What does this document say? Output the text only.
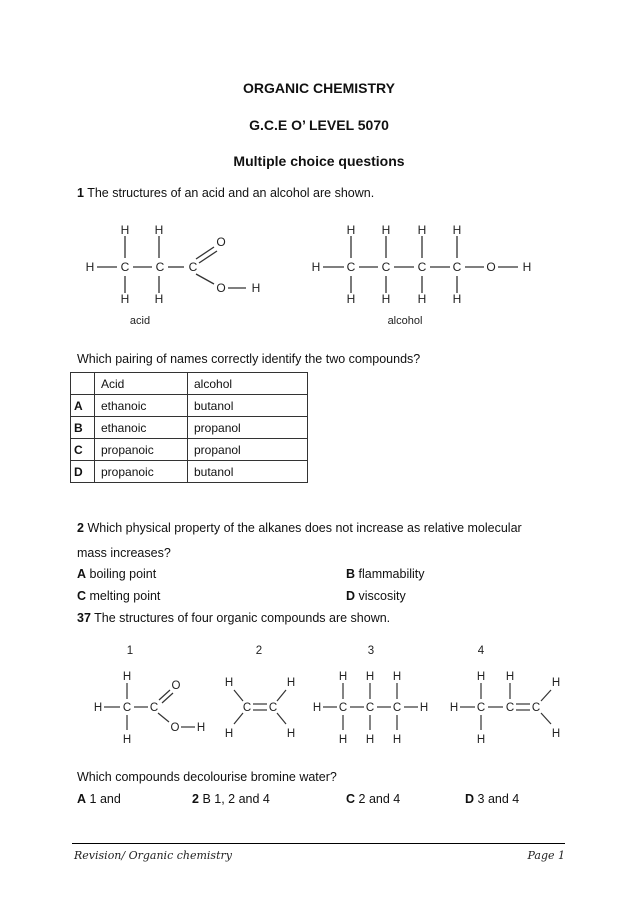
ORGANIC CHEMISTRY
G.C.E O’ LEVEL 5070
Multiple choice questions
1 The structures of an acid and an alcohol are shown.
H H
O
H C C C
O H
H H
acid
H H H H
H C C C C O H
H H H H
alcohol
Which pairing of names correctly identify the two compounds?
	Acid	alcohol
A	ethanoic	butanol
B	ethanoic	propanol
C	propanoic	propanol
D	propanoic	butanol
2 Which physical property of the alkanes does not increase as relative molecular
mass increases?
A boiling point	B flammability
C melting point	D viscosity
37 The structures of four organic compounds are shown.
1	2	3	4
H
O
H C C
O H
H
H	H
C C
H	H
H H H
H C C C H
H H H
H H	H
H C C C
H	H
Which compounds decolourise bromine water?
A 1 and	2 B 1, 2 and 4	C 2 and 4	D 3 and 4
Revision/ Organic chemistry	Page 1
